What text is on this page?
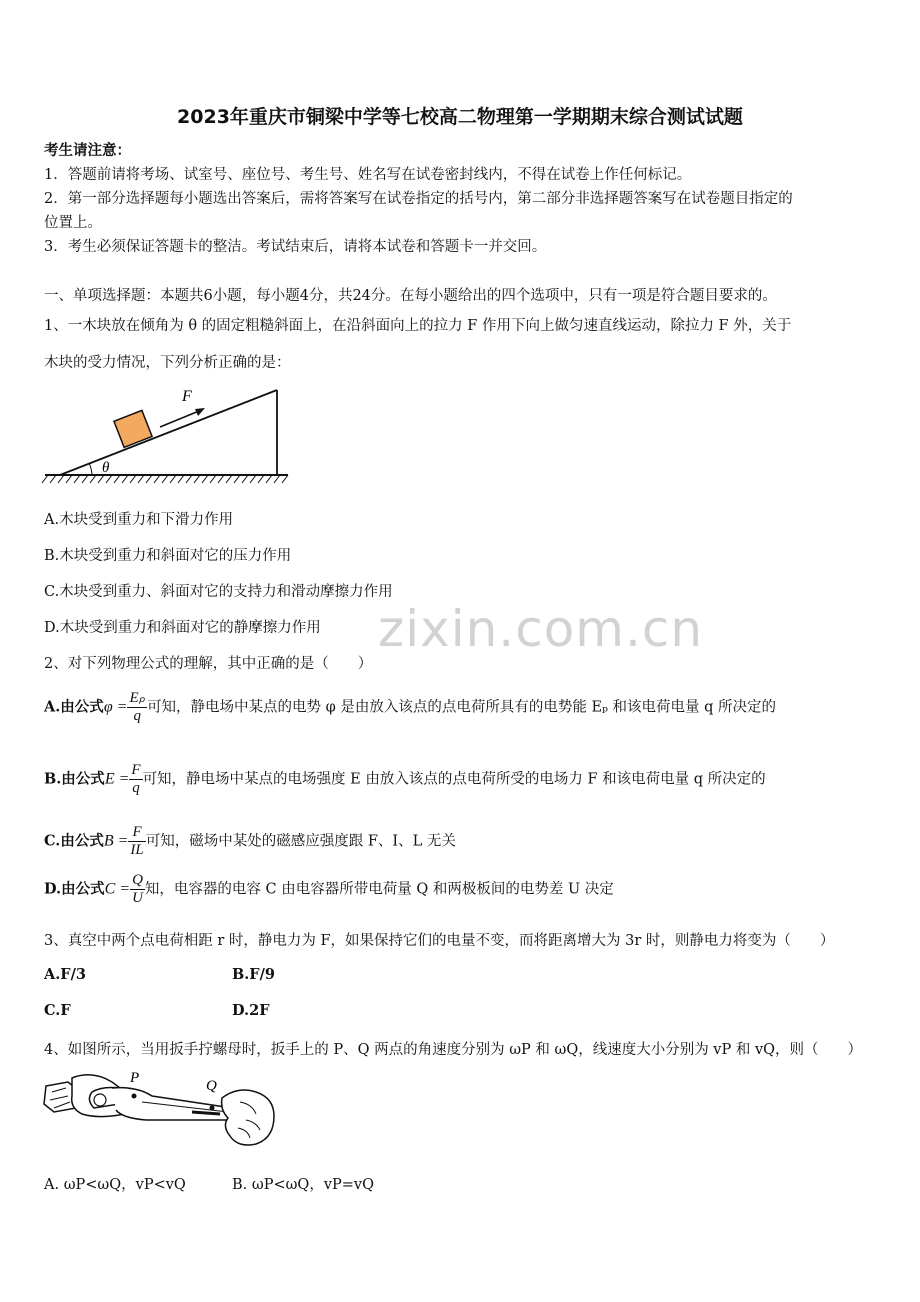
2023年重庆市铜梁中学等七校高二物理第一学期期末综合测试试题
考生请注意：
1．答题前请将考场、试室号、座位号、考生号、姓名写在试卷密封线内，不得在试卷上作任何标记。
2．第一部分选择题每小题选出答案后，需将答案写在试卷指定的括号内，第二部分非选择题答案写在试卷题目指定的
位置上。
3．考生必须保证答题卡的整洁。考试结束后，请将本试卷和答题卡一并交回。
一、单项选择题：本题共6小题，每小题4分，共24分。在每小题给出的四个选项中，只有一项是符合题目要求的。
1、一木块放在倾角为 θ 的固定粗糙斜面上，在沿斜面向上的拉力 F 作用下向上做匀速直线运动，除拉力 F 外，关于
木块的受力情况，下列分析正确的是：
F
θ
A.木块受到重力和下滑力作用
B.木块受到重力和斜面对它的压力作用
C.木块受到重力、斜面对它的支持力和滑动摩擦力作用
D.木块受到重力和斜面对它的静摩擦力作用 zixin.com.cn
2、对下列物理公式的理解，其中正确的是（　　）
A.由公式$\varphi = \frac{\text{Eₚ}}{q}$ 可知，静电场中某点的电势 φ 是由放入该点的点电荷所具有的电势能 Eₚ 和该电荷电量 q 所决定的
B.由公式$E = \frac{F}{q}$ 可知，静电场中某点的电场强度 E 由放入该点的点电荷所受的电场力 F 和该电荷电量 q 所决定的
C.由公式$B = \frac{F}{IL}$ 可知，磁场中某处的磁感应强度跟 F、I、L 无关
D.由公式$C = \frac{Q}{U}$ 知，电容器的电容 C 由电容器所带电荷量 Q 和两极板间的电势差 U 决定
3、真空中两个点电荷相距 r 时，静电力为 F，如果保持它们的电量不变，而将距离增大为 3r 时，则静电力将变为（　　）
A.F/3	B.F/9
C.F	D.2F
4、如图所示，当用扳手拧螺母时，扳手上的 P、Q 两点的角速度分别为 ωP 和 ωQ，线速度大小分别为 vP 和 vQ，则（　　）
P	Q
A. ωP<ωQ，vP<vQ	B. ωP<ωQ，vP=vQ
